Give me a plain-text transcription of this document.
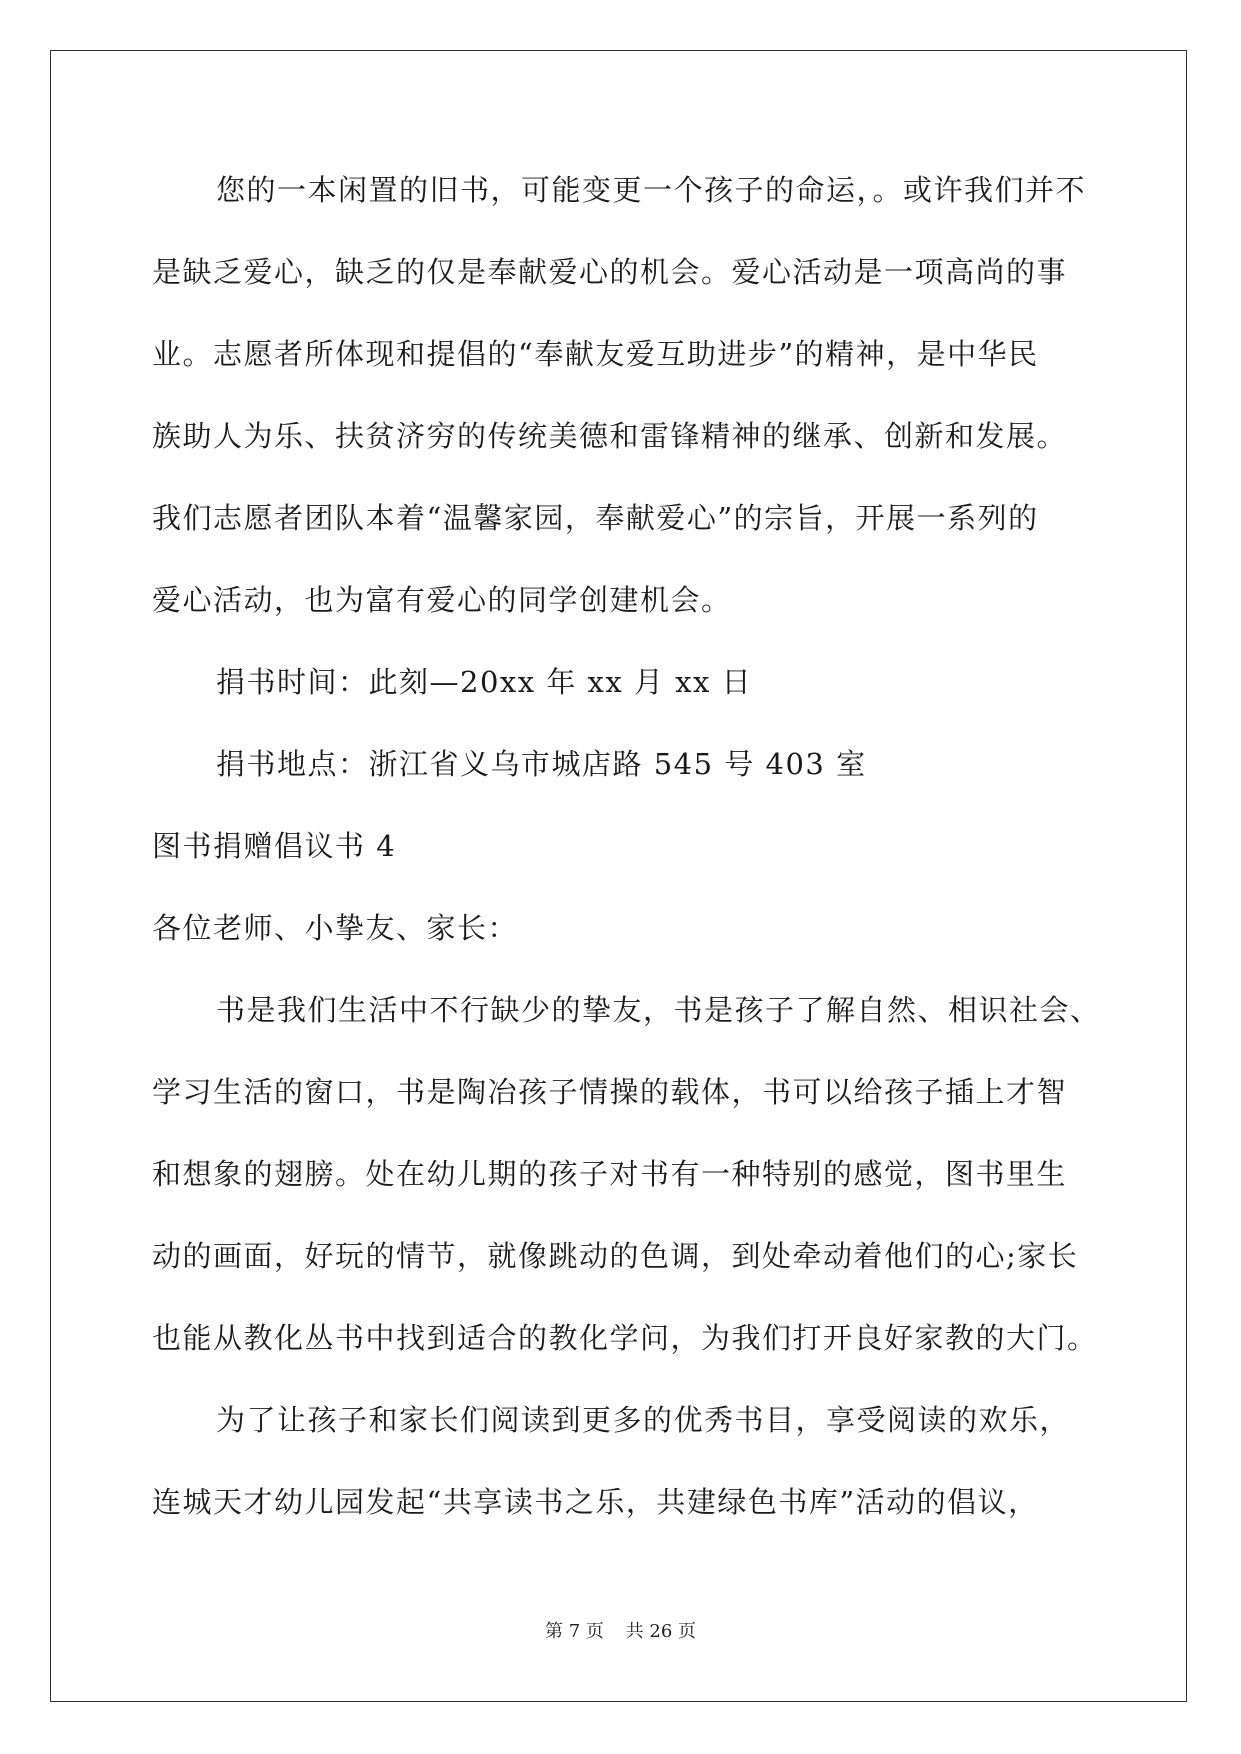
您的一本闲置的旧书，可能变更一个孩子的命运，。或许我们并不
是缺乏爱心，缺乏的仅是奉献爱心的机会。爱心活动是一项高尚的事
业。志愿者所体现和提倡的“奉献友爱互助进步”的精神，是中华民
族助人为乐、扶贫济穷的传统美德和雷锋精神的继承、创新和发展。
我们志愿者团队本着“温馨家园，奉献爱心”的宗旨，开展一系列的
爱心活动，也为富有爱心的同学创建机会。
捐书时间：此刻—20xx 年 xx 月 xx 日
捐书地点：浙江省义乌市城店路 545 号 403 室
图书捐赠倡议书 4
各位老师、小挚友、家长：
书是我们生活中不行缺少的挚友，书是孩子了解自然、相识社会、
学习生活的窗口，书是陶冶孩子情操的载体，书可以给孩子插上才智
和想象的翅膀。处在幼儿期的孩子对书有一种特别的感觉，图书里生
动的画面，好玩的情节，就像跳动的色调，到处牵动着他们的心;家长
也能从教化丛书中找到适合的教化学问，为我们打开良好家教的大门。
为了让孩子和家长们阅读到更多的优秀书目，享受阅读的欢乐，
连城天才幼儿园发起“共享读书之乐，共建绿色书库”活动的倡议，
第 7 页 共 26 页
